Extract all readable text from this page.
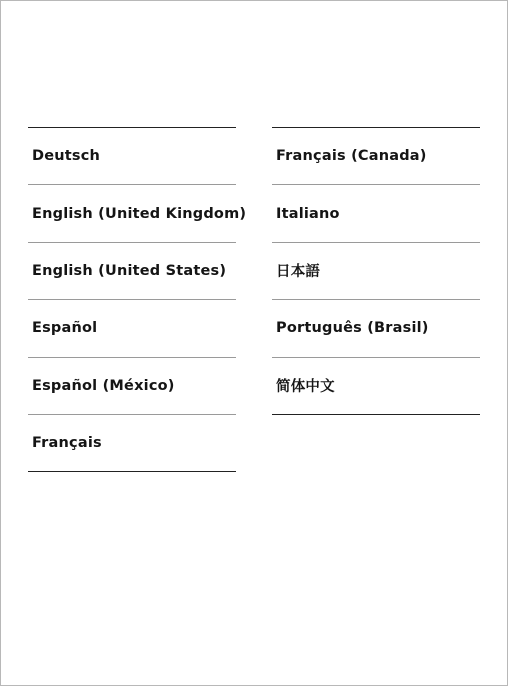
Deutsch
English (United Kingdom)
English (United States)
Español
Español (México)
Français
Français (Canada)
Italiano
日本語
Português (Brasil)
简体中文
